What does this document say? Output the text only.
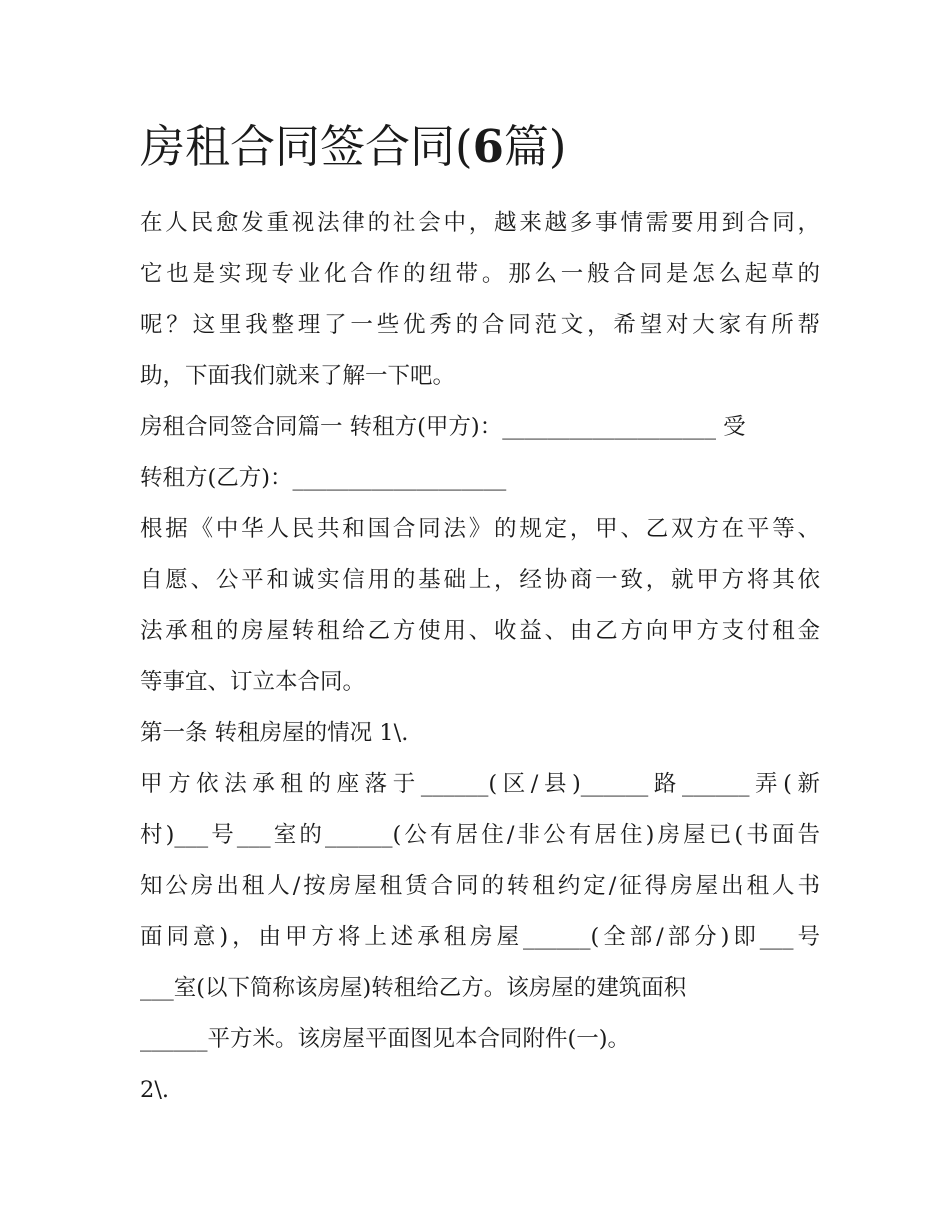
房租合同签合同(6篇)

在人民愈发重视法律的社会中，越来越多事情需要用到合同，
它也是实现专业化合作的纽带。那么一般合同是怎么起草的
呢？这里我整理了一些优秀的合同范文，希望对大家有所帮
助，下面我们就来了解一下吧。

房租合同签合同篇一 转租方(甲方)：___________________ 受
转租方(乙方)：___________________

根据《中华人民共和国合同法》的规定，甲、乙双方在平等、
自愿、公平和诚实信用的基础上，经协商一致，就甲方将其依
法承租的房屋转租给乙方使用、收益、由乙方向甲方支付租金
等事宜、订立本合同。

第一条 转租房屋的情况 1\.

甲方依法承租的座落于______(区/县)______路______弄(新
村)___号___室的______(公有居住/非公有居住)房屋已(书面告
知公房出租人/按房屋租赁合同的转租约定/征得房屋出租人书
面同意)，由甲方将上述承租房屋______(全部/部分)即___号
___室(以下简称该房屋)转租给乙方。该房屋的建筑面积
______平方米。该房屋平面图见本合同附件(一)。

2\.
